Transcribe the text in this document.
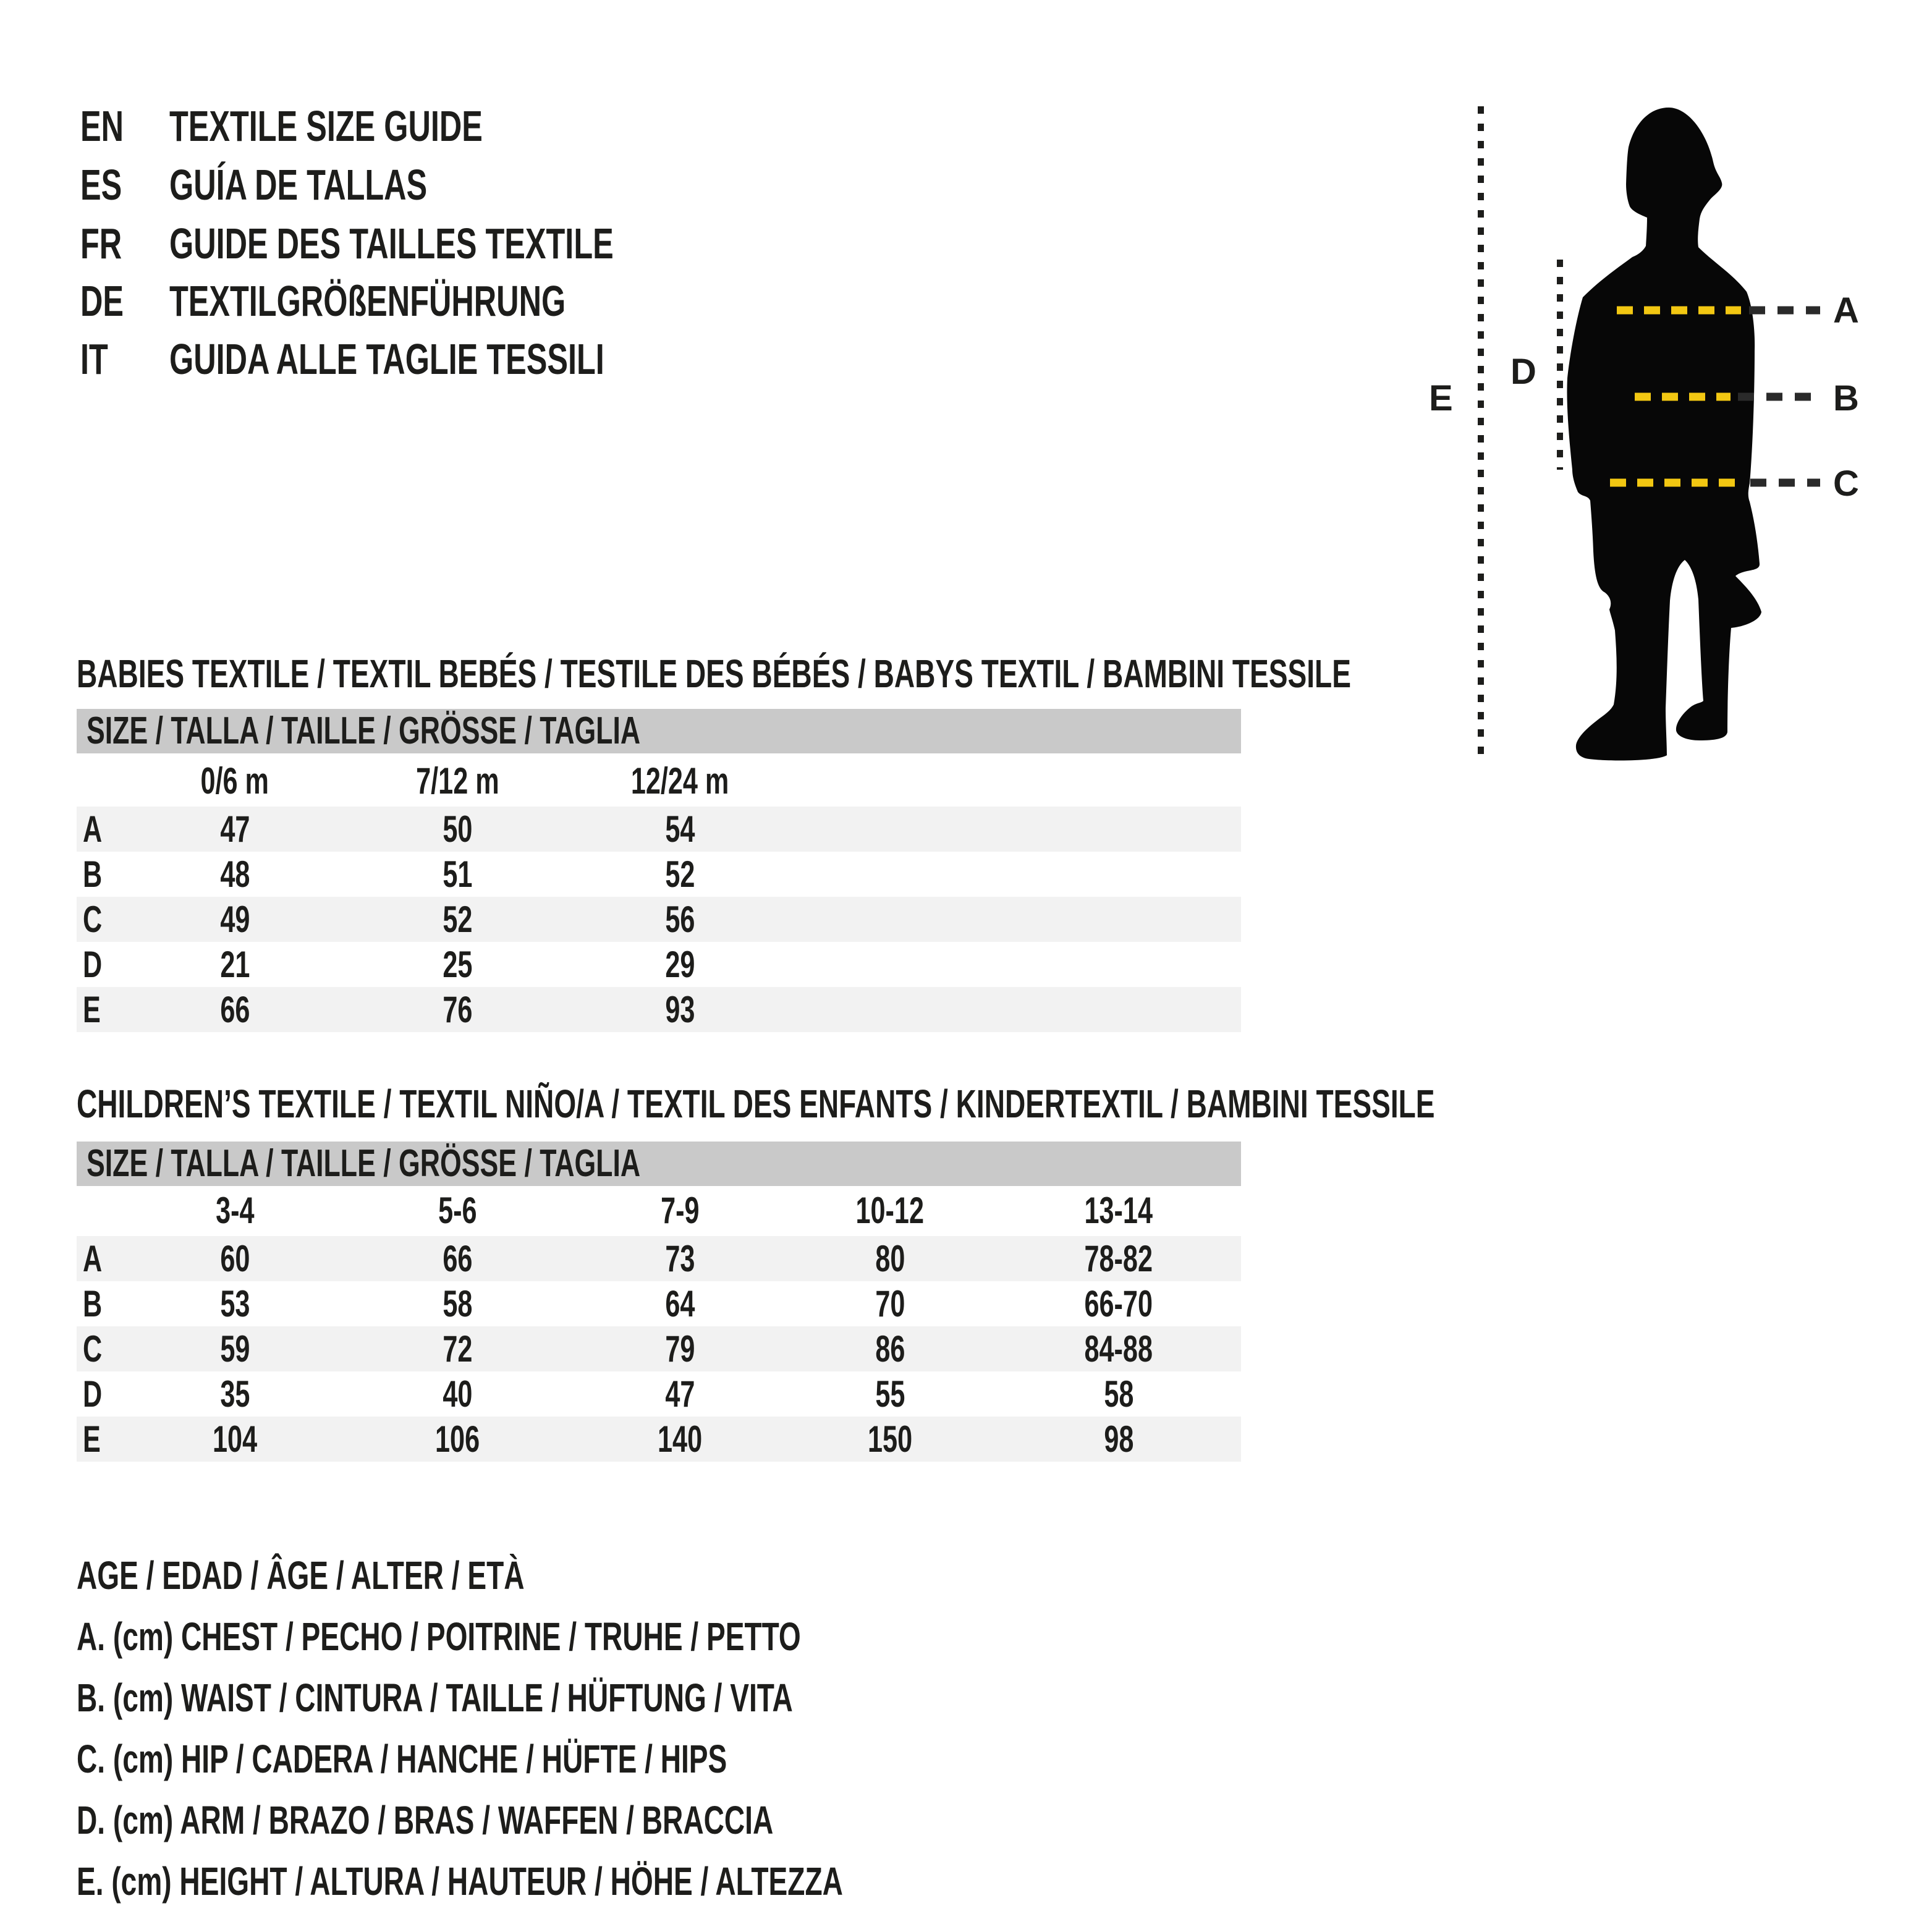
EN	TEXTILE SIZE GUIDE
ES	GUÍA DE TALLAS
FR	GUIDE DES TAILLES TEXTILE
DE	TEXTILGRÖßENFÜHRUNG
IT GUIDA ALLE TAGLIE TESSILI
A
B
C
D
E
BABIES TEXTILE / TEXTIL BEBÉS / TESTILE DES BÉBÉS / BABYS TEXTIL / BAMBINI TESSILE
SIZE / TALLA / TAILLE / GRÖSSE / TAGLIA
0/6 m	7/12 m	12/24 m
A	47	50	54
B	48	51	52
C	49	52	56
D	21	25	29
E	66	76	93
CHILDREN’S TEXTILE / TEXTIL NIÑO/A / TEXTIL DES ENFANTS / KINDERTEXTIL / BAMBINI TESSILE
SIZE / TALLA / TAILLE / GRÖSSE / TAGLIA
3-4	5-6	7-9	10-12	13-14
A	60	66	73	80	78-82
B	53	58	64	70	66-70
C	59	72	79	86	84-88
D	35	40	47	55	58
E	104	106	140	150	98
AGE / EDAD / ÂGE / ALTER / ETÀ
A. (cm) CHEST / PECHO / POITRINE / TRUHE / PETTO
B. (cm) WAIST / CINTURA / TAILLE / HÜFTUNG / VITA
C. (cm) HIP / CADERA / HANCHE / HÜFTE / HIPS
D. (cm) ARM / BRAZO / BRAS / WAFFEN / BRACCIA
E. (cm) HEIGHT / ALTURA / HAUTEUR / HÖHE / ALTEZZA
